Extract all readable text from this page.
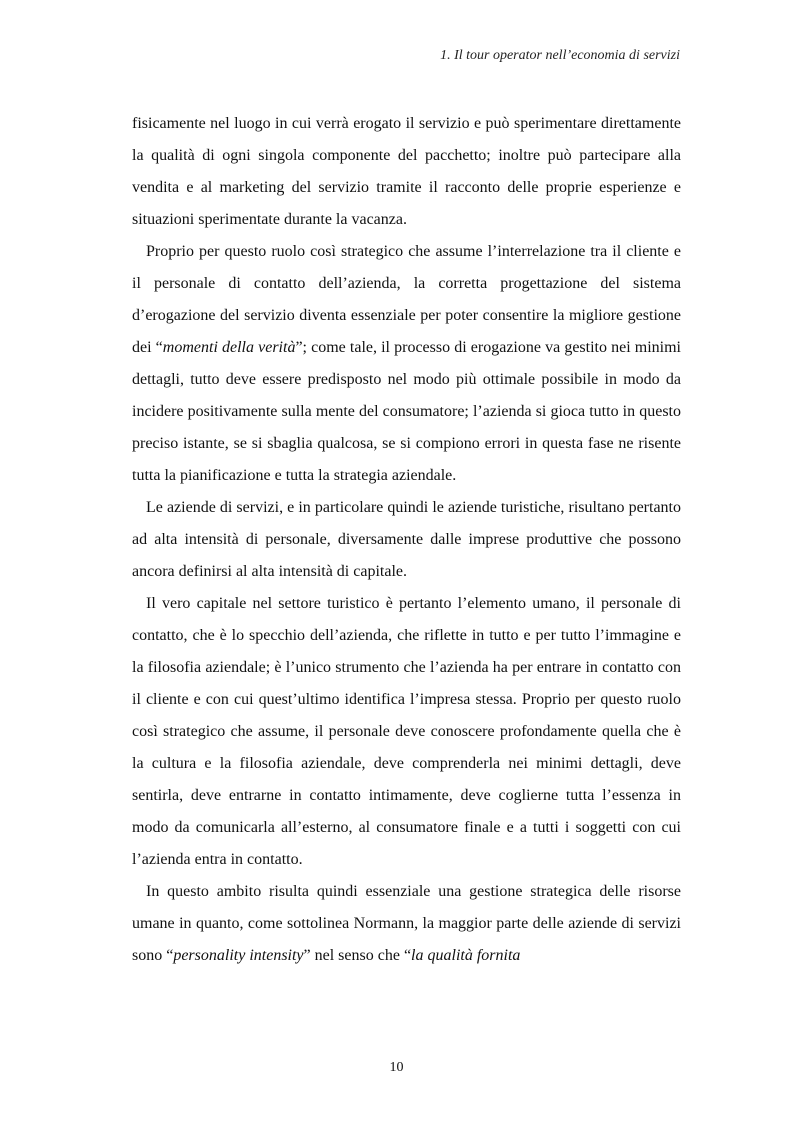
1. Il tour operator nell’economia di servizi

fisicamente nel luogo in cui verrà erogato il servizio e può sperimentare direttamente la qualità di ogni singola componente del pacchetto; inoltre può partecipare alla vendita e al marketing del servizio tramite il racconto delle proprie esperienze e situazioni sperimentate durante la vacanza.

Proprio per questo ruolo così strategico che assume l’interrelazione tra il cliente e il personale di contatto dell’azienda, la corretta progettazione del sistema d’erogazione del servizio diventa essenziale per poter consentire la migliore gestione dei “momenti della verità”; come tale, il processo di erogazione va gestito nei minimi dettagli, tutto deve essere predisposto nel modo più ottimale possibile in modo da incidere positivamente sulla mente del consumatore; l’azienda si gioca tutto in questo preciso istante, se si sbaglia qualcosa, se si compiono errori in questa fase ne risente tutta la pianificazione e tutta la strategia aziendale.

Le aziende di servizi, e in particolare quindi le aziende turistiche, risultano pertanto ad alta intensità di personale, diversamente dalle imprese produttive che possono ancora definirsi al alta intensità di capitale.

Il vero capitale nel settore turistico è pertanto l’elemento umano, il personale di contatto, che è lo specchio dell’azienda, che riflette in tutto e per tutto l’immagine e la filosofia aziendale; è l’unico strumento che l’azienda ha per entrare in contatto con il cliente e con cui quest’ultimo identifica l’impresa stessa. Proprio per questo ruolo così strategico che assume, il personale deve conoscere profondamente quella che è la cultura e la filosofia aziendale, deve comprenderla nei minimi dettagli, deve sentirla, deve entrarne in contatto intimamente, deve coglierne tutta l’essenza in modo da comunicarla all’esterno, al consumatore finale e a tutti i soggetti con cui l’azienda entra in contatto.

In questo ambito risulta quindi essenziale una gestione strategica delle risorse umane in quanto, come sottolinea Normann, la maggior parte delle aziende di servizi sono “personality intensity” nel senso che “la qualità fornita

10
